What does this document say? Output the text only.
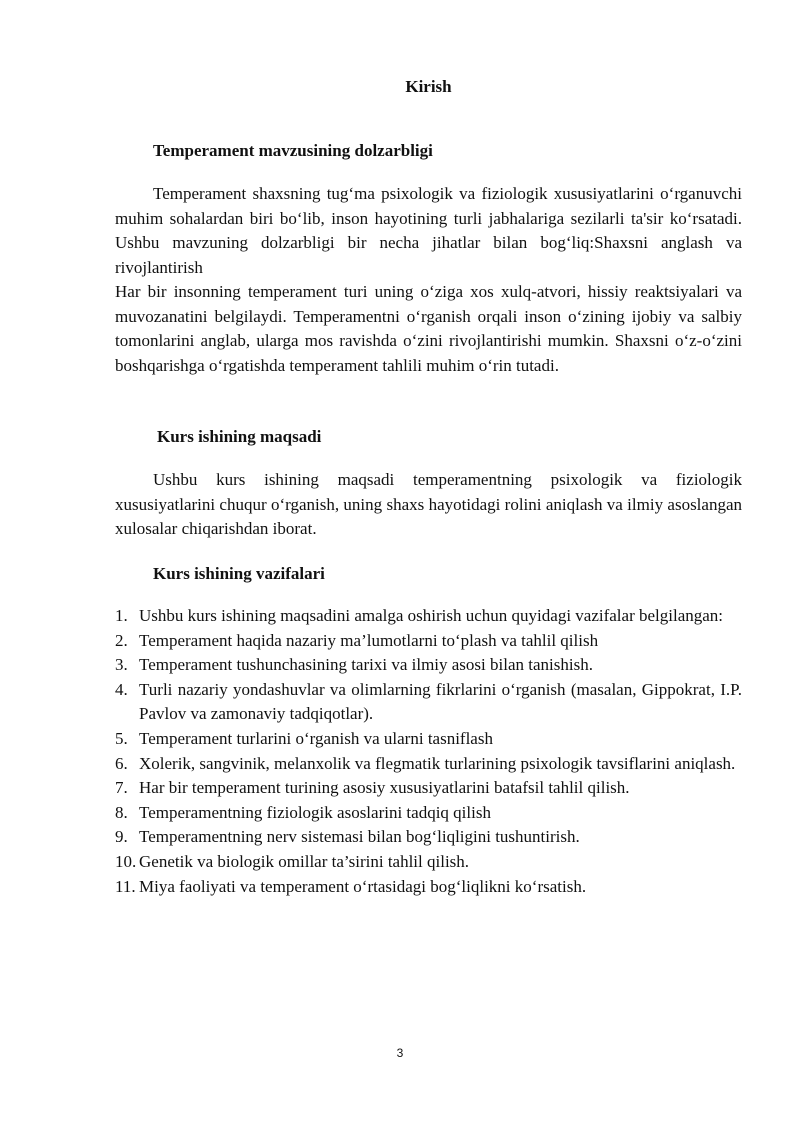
Kirish
Temperament mavzusining dolzarbligi

Temperament shaxsning tug‘ma psixologik va fiziologik xususiyatlarini o‘rganuvchi muhim sohalardan biri bo‘lib, inson hayotining turli jabhalariga sezilarli ta'sir ko‘rsatadi. Ushbu mavzuning dolzarbligi bir necha jihatlar bilan bog‘liq:Shaxsni anglash va rivojlantirish

Har bir insonning temperament turi uning o‘ziga xos xulq-atvori, hissiy reaktsiyalari va muvozanatini belgilaydi. Temperamentni o‘rganish orqali inson o‘zining ijobiy va salbiy tomonlarini anglab, ularga mos ravishda o‘zini rivojlantirishi mumkin. Shaxsni o‘z-o‘zini boshqarishga o‘rgatishda temperament tahlili muhim o‘rin tutadi.

Kurs ishining maqsadi

Ushbu kurs ishining maqsadi temperamentning psixologik va fiziologik xususiyatlarini chuqur o‘rganish, uning shaxs hayotidagi rolini aniqlash va ilmiy asoslangan xulosalar chiqarishdan iborat.

Kurs ishining vazifalari
1. Ushbu kurs ishining maqsadini amalga oshirish uchun quyidagi vazifalar belgilangan:
2. Temperament haqida nazariy ma’lumotlarni to‘plash va tahlil qilish
3. Temperament tushunchasining tarixi va ilmiy asosi bilan tanishish.
4. Turli nazariy yondashuvlar va olimlarning fikrlarini o‘rganish (masalan, Gippokrat, I.P. Pavlov va zamonaviy tadqiqotlar).
5. Temperament turlarini o‘rganish va ularni tasniflash
6. Xolerik, sangvinik, melanxolik va flegmatik turlarining psixologik tavsiflarini aniqlash.
7. Har bir temperament turining asosiy xususiyatlarini batafsil tahlil qilish.
8. Temperamentning fiziologik asoslarini tadqiq qilish
9. Temperamentning nerv sistemasi bilan bog‘liqligini tushuntirish.
10. Genetik va biologik omillar ta’sirini tahlil qilish.
11. Miya faoliyati va temperament o‘rtasidagi bog‘liqlikni ko‘rsatish.
3
